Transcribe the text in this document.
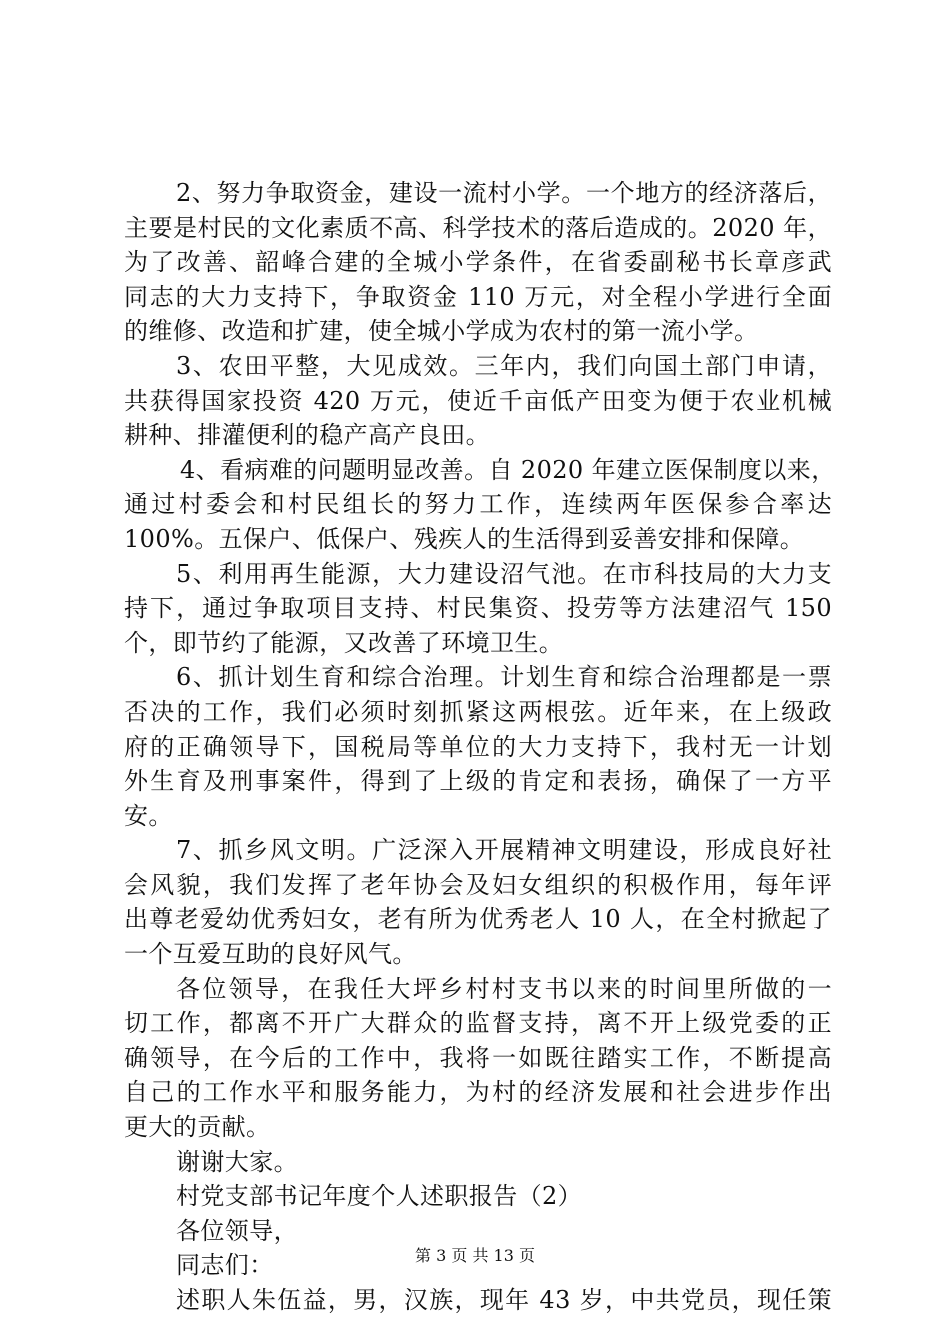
2、努力争取资金，建设一流村小学。一个地方的经济落后，
主要是村民的文化素质不高、科学技术的落后造成的。2020 年，
为了改善、韶峰合建的全城小学条件，在省委副秘书长章彦武
同志的大力支持下，争取资金 110 万元，对全程小学进行全面
的维修、改造和扩建，使全城小学成为农村的第一流小学。
3、农田平整，大见成效。三年内，我们向国土部门申请，
共获得国家投资 420 万元，使近千亩低产田变为便于农业机械
耕种、排灌便利的稳产高产良田。
4、看病难的问题明显改善。自 2020 年建立医保制度以来，
通过村委会和村民组长的努力工作，连续两年医保参合率达
100%。五保户、低保户、残疾人的生活得到妥善安排和保障。
5、利用再生能源，大力建设沼气池。在市科技局的大力支
持下，通过争取项目支持、村民集资、投劳等方法建沼气 150
个，即节约了能源，又改善了环境卫生。
6、抓计划生育和综合治理。计划生育和综合治理都是一票
否决的工作，我们必须时刻抓紧这两根弦。近年来，在上级政
府的正确领导下，国税局等单位的大力支持下，我村无一计划
外生育及刑事案件，得到了上级的肯定和表扬，确保了一方平
安。
7、抓乡风文明。广泛深入开展精神文明建设，形成良好社
会风貌，我们发挥了老年协会及妇女组织的积极作用，每年评
出尊老爱幼优秀妇女，老有所为优秀老人 10 人，在全村掀起了
一个互爱互助的良好风气。
各位领导，在我任大坪乡村村支书以来的时间里所做的一
切工作，都离不开广大群众的监督支持，离不开上级党委的正
确领导，在今后的工作中，我将一如既往踏实工作，不断提高
自己的工作水平和服务能力，为村的经济发展和社会进步作出
更大的贡献。
谢谢大家。
村党支部书记年度个人述职报告（2）
各位领导，
同志们：
述职人朱伍益，男，汉族，现年 43 岁，中共党员，现任策
第 3 页 共 13 页
